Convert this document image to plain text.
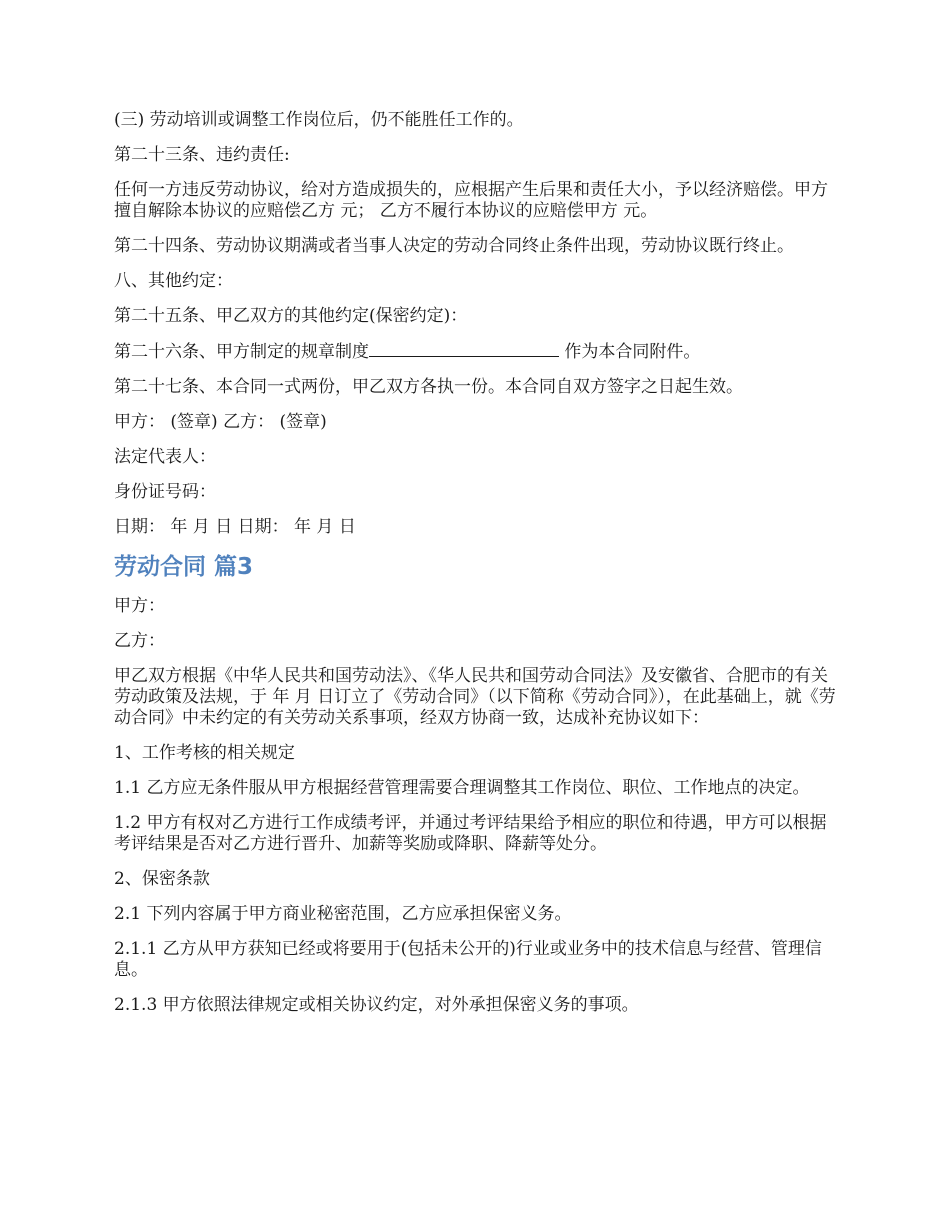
(三) 劳动培训或调整工作岗位后，仍不能胜任工作的。

第二十三条、违约责任:

任何一方违反劳动协议，给对方造成损失的，应根据产生后果和责任大小，予以经济赔偿。甲方擅自解除本协议的应赔偿乙方 元； 乙方不履行本协议的应赔偿甲方 元。

第二十四条、劳动协议期满或者当事人决定的劳动合同终止条件出现，劳动协议既行终止。

八、其他约定：

第二十五条、甲乙双方的其他约定(保密约定)：

第二十六条、甲方制定的规章制度	作为本合同附件。

第二十七条、本合同一式两份，甲乙双方各执一份。本合同自双方签字之日起生效。

甲方： (签章) 乙方： (签章)

法定代表人：

身份证号码：

日期： 年 月 日 日期： 年 月 日

劳动合同 篇3

甲方：

乙方：

甲乙双方根据《中华人民共和国劳动法》、《华人民共和国劳动合同法》及安徽省、合肥市的有关劳动政策及法规，于 年 月 日订立了《劳动合同》（以下简称《劳动合同》），在此基础上，就《劳动合同》中未约定的有关劳动关系事项，经双方协商一致，达成补充协议如下：

1、工作考核的相关规定

1.1 乙方应无条件服从甲方根据经营管理需要合理调整其工作岗位、职位、工作地点的决定。

1.2 甲方有权对乙方进行工作成绩考评，并通过考评结果给予相应的职位和待遇，甲方可以根据考评结果是否对乙方进行晋升、加薪等奖励或降职、降薪等处分。

2、保密条款

2.1 下列内容属于甲方商业秘密范围，乙方应承担保密义务。

2.1.1 乙方从甲方获知已经或将要用于(包括未公开的)行业或业务中的技术信息与经营、管理信息。

2.1.3 甲方依照法律规定或相关协议约定，对外承担保密义务的事项。
